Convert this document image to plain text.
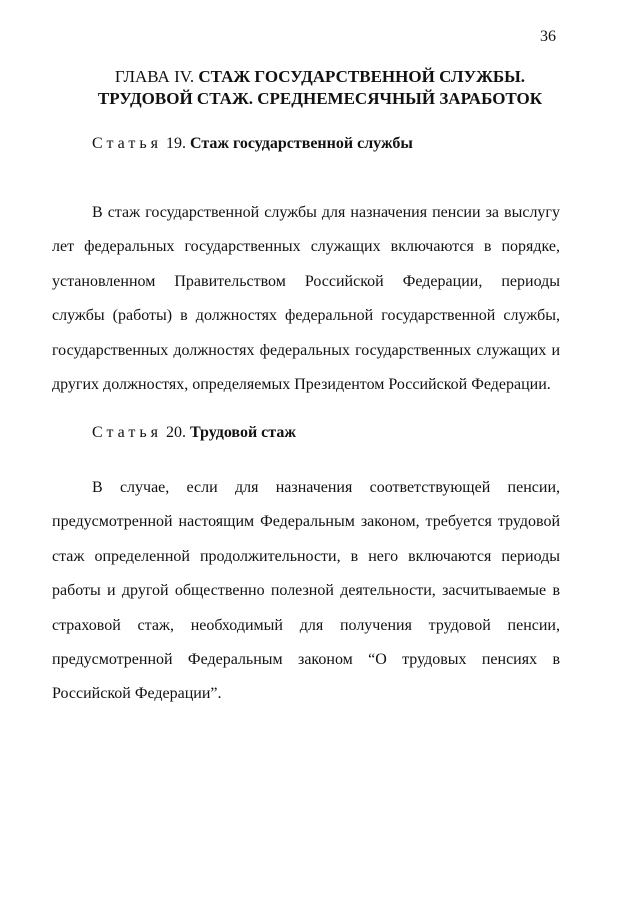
36
ГЛАВА IV. СТАЖ ГОСУДАРСТВЕННОЙ СЛУЖБЫ.
ТРУДОВОЙ СТАЖ. СРЕДНЕМЕСЯЧНЫЙ ЗАРАБОТОК
Статья 19. Стаж государственной службы
В стаж государственной службы для назначения пенсии за выслугу
лет федеральных государственных служащих включаются в порядке,
установленном Правительством Российской Федерации, периоды
службы (работы) в должностях федеральной государственной службы,
государственных должностях федеральных государственных служащих и
других должностях, определяемых Президентом Российской Федерации.
Статья 20. Трудовой стаж
В случае, если для назначения соответствующей пенсии,
предусмотренной настоящим Федеральным законом, требуется трудовой
стаж определенной продолжительности, в него включаются периоды
работы и другой общественно полезной деятельности, засчитываемые в
страховой стаж, необходимый для получения трудовой пенсии,
предусмотренной Федеральным законом “О трудовых пенсиях в
Российской Федерации”.
